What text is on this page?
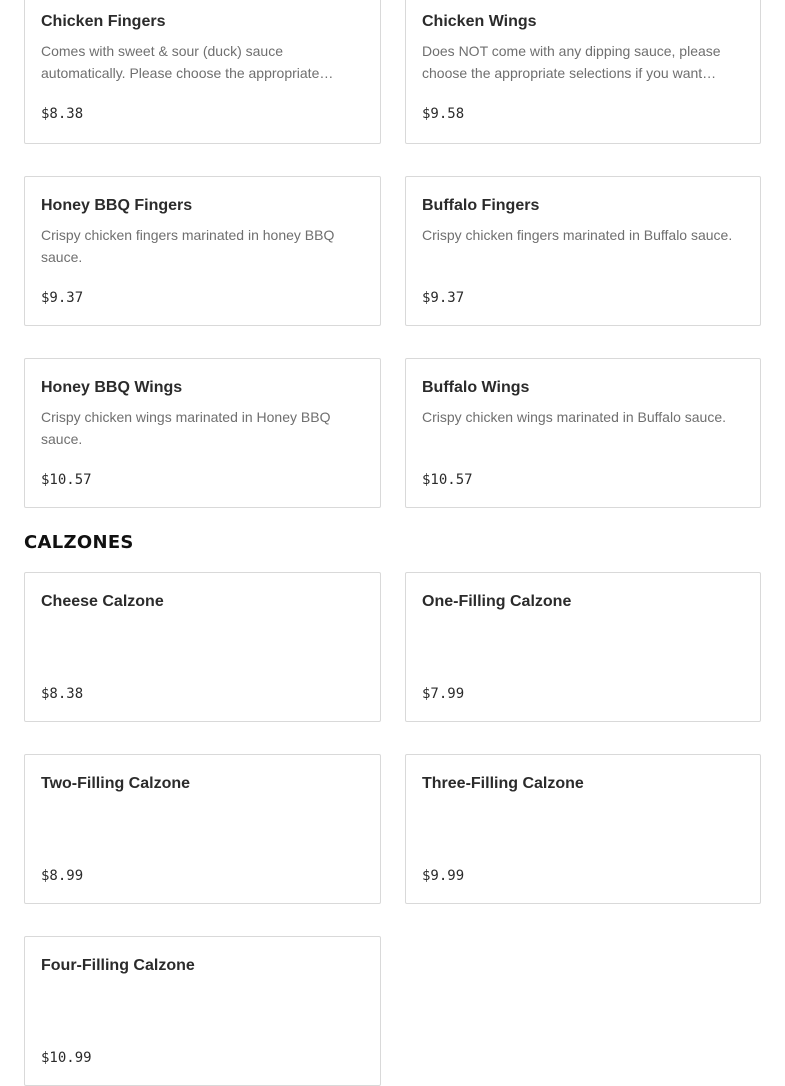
Chicken Fingers
Comes with sweet & sour (duck) sauce automatically. Please choose the appropriate…
$8.38
Chicken Wings
Does NOT come with any dipping sauce, please choose the appropriate selections if you want…
$9.58
Honey BBQ Fingers
Crispy chicken fingers marinated in honey BBQ sauce.
$9.37
Buffalo Fingers
Crispy chicken fingers marinated in Buffalo sauce.
$9.37
Honey BBQ Wings
Crispy chicken wings marinated in Honey BBQ sauce.
$10.57
Buffalo Wings
Crispy chicken wings marinated in Buffalo sauce.
$10.57
CALZONES
Cheese Calzone
$8.38
One-Filling Calzone
$7.99
Two-Filling Calzone
$8.99
Three-Filling Calzone
$9.99
Four-Filling Calzone
$10.99
